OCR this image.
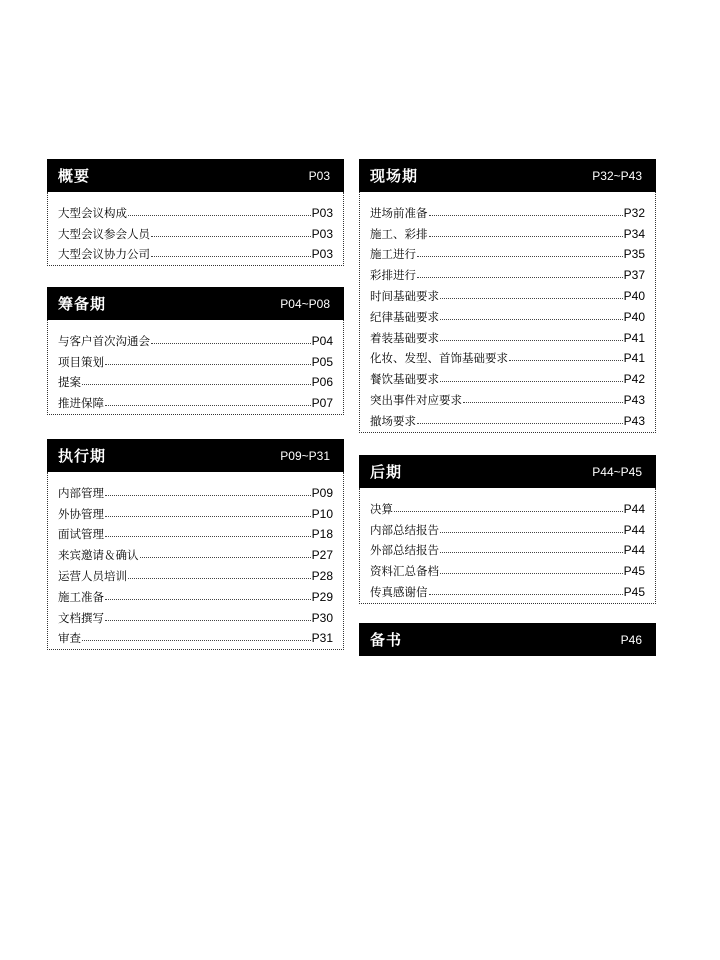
概要	P03
大型会议构成	P03
大型会议参会人员	P03
大型会议协力公司	P03
筹备期	P04~P08
与客户首次沟通会	P04
项目策划	P05
提案	P06
推进保障	P07
执行期	P09~P31
内部管理	P09
外协管理	P10
面试管理	P18
来宾邀请＆确认	P27
运营人员培训	P28
施工准备	P29
文档撰写	P30
审查	P31
现场期	P32~P43
进场前准备	P32
施工、彩排	P34
施工进行	P35
彩排进行	P37
时间基础要求	P40
纪律基础要求	P40
着装基础要求	P41
化妆、发型、首饰基础要求	P41
餐饮基础要求	P42
突出事件对应要求	P43
撤场要求	P43
后期	P44~P45
决算	P44
内部总结报告	P44
外部总结报告	P44
资料汇总备档	P45
传真感谢信	P45
备书	P46
